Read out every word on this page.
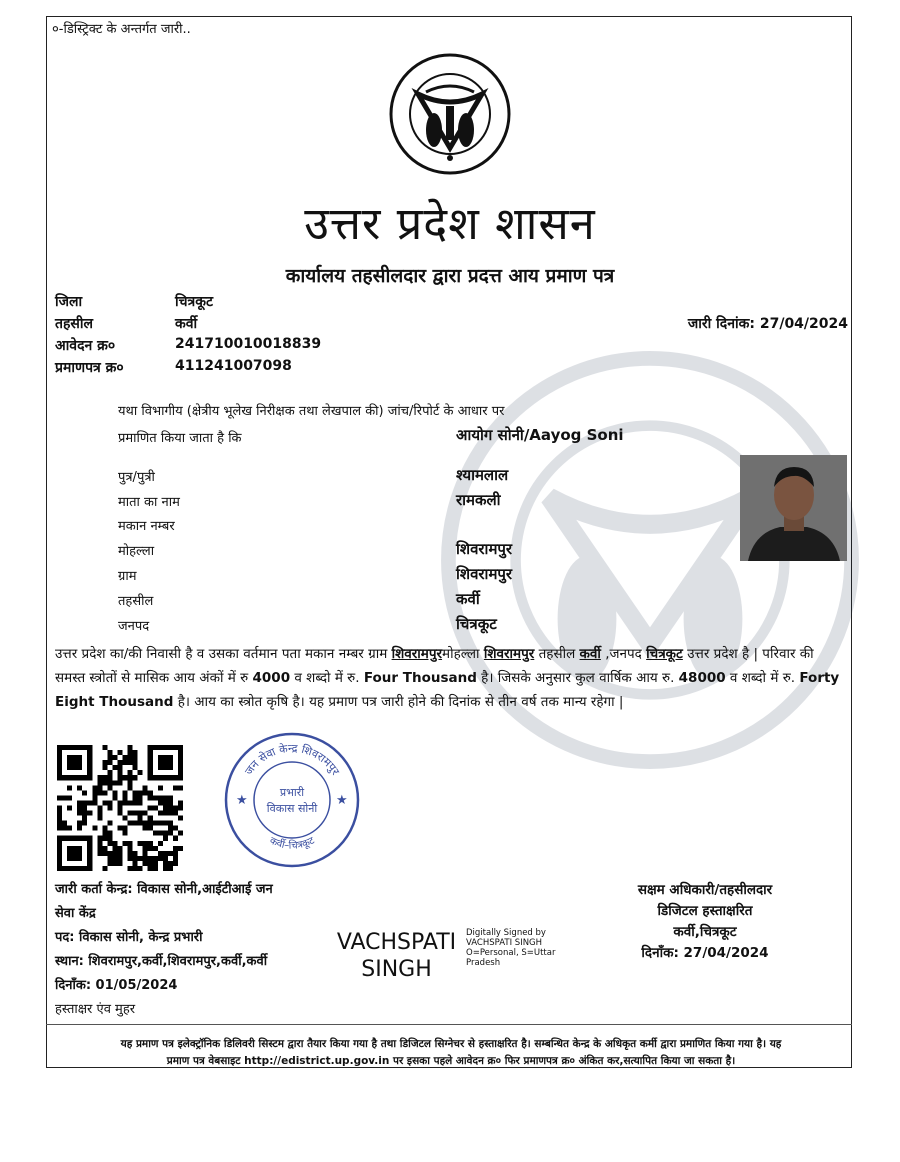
०-डिस्ट्रिक्ट के अन्तर्गत जारी..
उत्तर प्रदेश शासन
कार्यालय तहसीलदार द्वारा प्रदत्त आय प्रमाण पत्र
जिला	चित्रकूट
तहसील	कर्वी
आवेदन क्र०	241710010018839
प्रमाणपत्र क्र०	411241007098
जारी दिनांक: 27/04/2024
यथा विभागीय (क्षेत्रीय भूलेख निरीक्षक तथा लेखपाल की) जांच/रिपोर्ट के आधार पर
प्रमाणित किया जाता है कि	आयोग सोनी/Aayog Soni
पुत्र/पुत्री	श्यामलाल
माता का नाम	रामकली
मकान नम्बर
मोहल्ला	शिवरामपुर
ग्राम	शिवरामपुर
तहसील	कर्वी
जनपद	चित्रकूट
उत्तर प्रदेश का/की निवासी है व उसका वर्तमान पता मकान नम्बर ग्राम शिवरामपुरमोहल्ला शिवरामपुर तहसील कर्वी ,जनपद चित्रकूट उत्तर प्रदेश है | परिवार की समस्त स्त्रोतों से मासिक आय अंकों में रु 4000 व शब्दो में रु. Four Thousand है। जिसके अनुसार कुल वार्षिक आय रु. 48000 व शब्दो में रु. Forty Eight Thousand है। आय का स्त्रोत कृषि है। यह प्रमाण पत्र जारी होने की दिनांक से तीन वर्ष तक मान्य रहेगा |
जन सेवा केन्द्र शिवरामपुर
कर्वी–चित्रकूट
प्रभारी
विकास सोनी
★	★
जारी कर्ता केन्द्र: विकास सोनी,आईटीआई जन
सेवा केंद्र
पद: विकास सोनी, केन्द्र प्रभारी
स्थान: शिवरामपुर,कर्वी,शिवरामपुर,कर्वी,कर्वी
दिनाँक: 01/05/2024
हस्ताक्षर एंव मुहर
VACHSPATI
SINGH
Digitally Signed by
VACHSPATI SINGH
O=Personal, S=Uttar
Pradesh
सक्षम अधिकारी/तहसीलदार
डिजिटल हस्ताक्षरित
कर्वी,चित्रकूट
दिनाँक: 27/04/2024
यह प्रमाण पत्र इलेक्ट्रॉनिक डिलिवरी सिस्टम द्वारा तैयार किया गया है तथा डिजिटल सिग्नेचर से हस्ताक्षरित है। सम्बन्धित केन्द्र के अधिकृत कर्मी द्वारा प्रमाणित किया गया है। यह
प्रमाण पत्र वेबसाइट http://edistrict.up.gov.in पर इसका पहले आवेदन क्र० फिर प्रमाणपत्र क्र० अंकित कर,सत्यापित किया जा सकता है।
